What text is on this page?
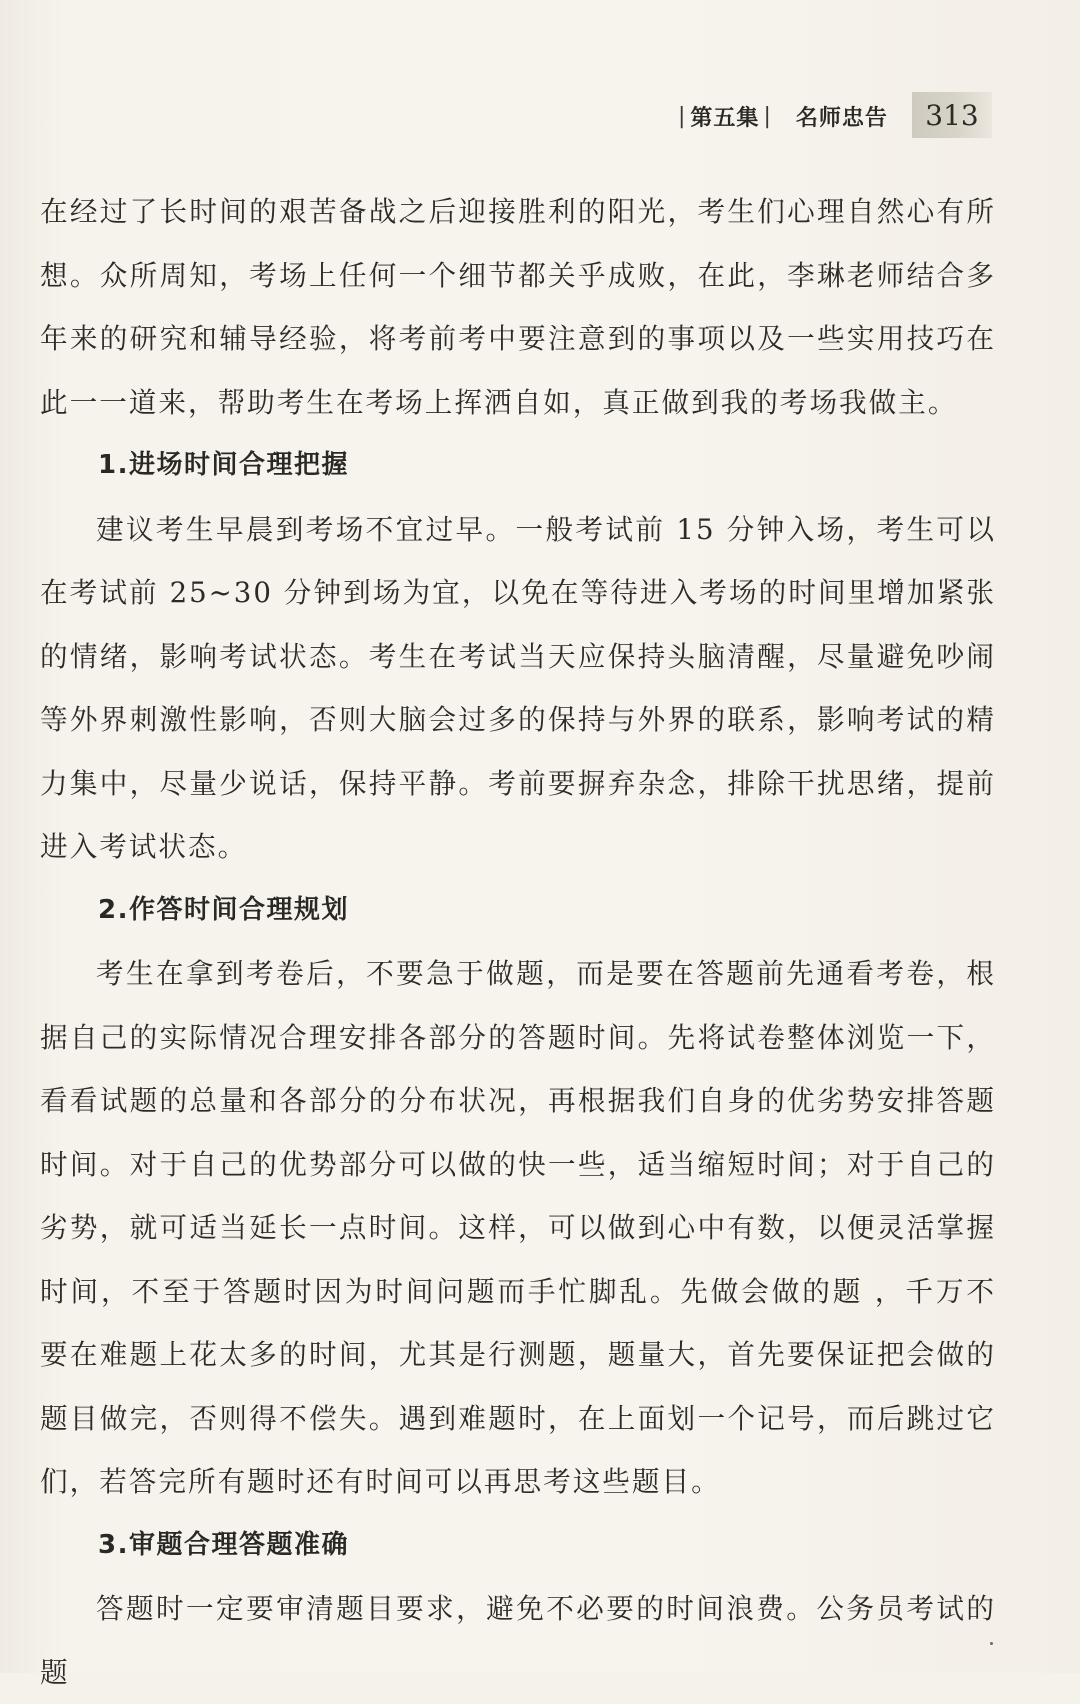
| 第五集 | 名师忠告	313

在经过了长时间的艰苦备战之后迎接胜利的阳光，考生们心理自然心有所想。众所周知，考场上任何一个细节都关乎成败，在此，李琳老师结合多年来的研究和辅导经验，将考前考中要注意到的事项以及一些实用技巧在此一一道来，帮助考生在考场上挥洒自如，真正做到我的考场我做主。

1.进场时间合理把握

建议考生早晨到考场不宜过早。一般考试前 15 分钟入场，考生可以在考试前 25~30 分钟到场为宜，以免在等待进入考场的时间里增加紧张的情绪，影响考试状态。考生在考试当天应保持头脑清醒，尽量避免吵闹等外界刺激性影响，否则大脑会过多的保持与外界的联系，影响考试的精力集中，尽量少说话，保持平静。考前要摒弃杂念，排除干扰思绪，提前进入考试状态。

2.作答时间合理规划

考生在拿到考卷后，不要急于做题，而是要在答题前先通看考卷，根据自己的实际情况合理安排各部分的答题时间。先将试卷整体浏览一下，看看试题的总量和各部分的分布状况，再根据我们自身的优劣势安排答题时间。对于自己的优势部分可以做的快一些，适当缩短时间；对于自己的劣势，就可适当延长一点时间。这样，可以做到心中有数，以便灵活掌握时间，不至于答题时因为时间问题而手忙脚乱。先做会做的题 ，千万不要在难题上花太多的时间，尤其是行测题，题量大，首先要保证把会做的题目做完，否则得不偿失。遇到难题时，在上面划一个记号，而后跳过它们，若答完所有题时还有时间可以再思考这些题目。

3.审题合理答题准确

答题时一定要审清题目要求，避免不必要的时间浪费。公务员考试的题
